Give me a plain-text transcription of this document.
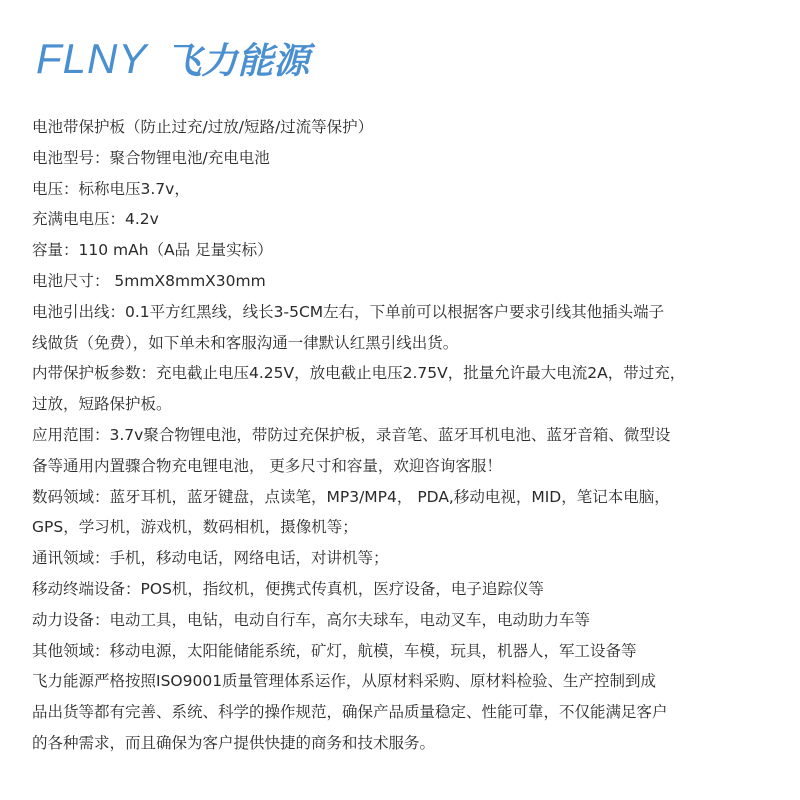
FLNY 飞力能源
电池带保护板（防止过充/过放/短路/过流等保护）
电池型号：聚合物锂电池/充电电池
电压：标称电压3.7v，
充满电电压：4.2v
容量：110 mAh（A品 足量实标）
电池尺寸： 5mmX8mmX30mm
电池引出线：0.1平方红黑线，线长3-5CM左右，下单前可以根据客户要求引线其他插头端子
线做货（免费），如下单未和客服沟通一律默认红黑引线出货。
内带保护板参数：充电截止电压4.25V，放电截止电压2.75V，批量允许最大电流2A，带过充，
过放，短路保护板。
应用范围：3.7v聚合物锂电池，带防过充保护板，录音笔、蓝牙耳机电池、蓝牙音箱、微型设
备等通用内置骤合物充电锂电池， 更多尺寸和容量，欢迎咨询客服！
数码领域：蓝牙耳机，蓝牙键盘，点读笔，MP3/MP4， PDA,移动电视，MID，笔记本电脑，
GPS，学习机，游戏机，数码相机，摄像机等；
通讯领域：手机，移动电话，网络电话，对讲机等；
移动终端设备：POS机，指纹机，便携式传真机，医疗设备，电子追踪仪等
动力设备：电动工具，电钻，电动自行车，高尔夫球车，电动叉车，电动助力车等
其他领域：移动电源，太阳能储能系统，矿灯，航模，车模，玩具，机器人，军工设备等
飞力能源严格按照ISO9001质量管理体系运作，从原材料采购、原材料检验、生产控制到成
品出货等都有完善、系统、科学的操作规范，确保产品质量稳定、性能可靠，不仅能满足客户
的各种需求，而且确保为客户提供快捷的商务和技术服务。
